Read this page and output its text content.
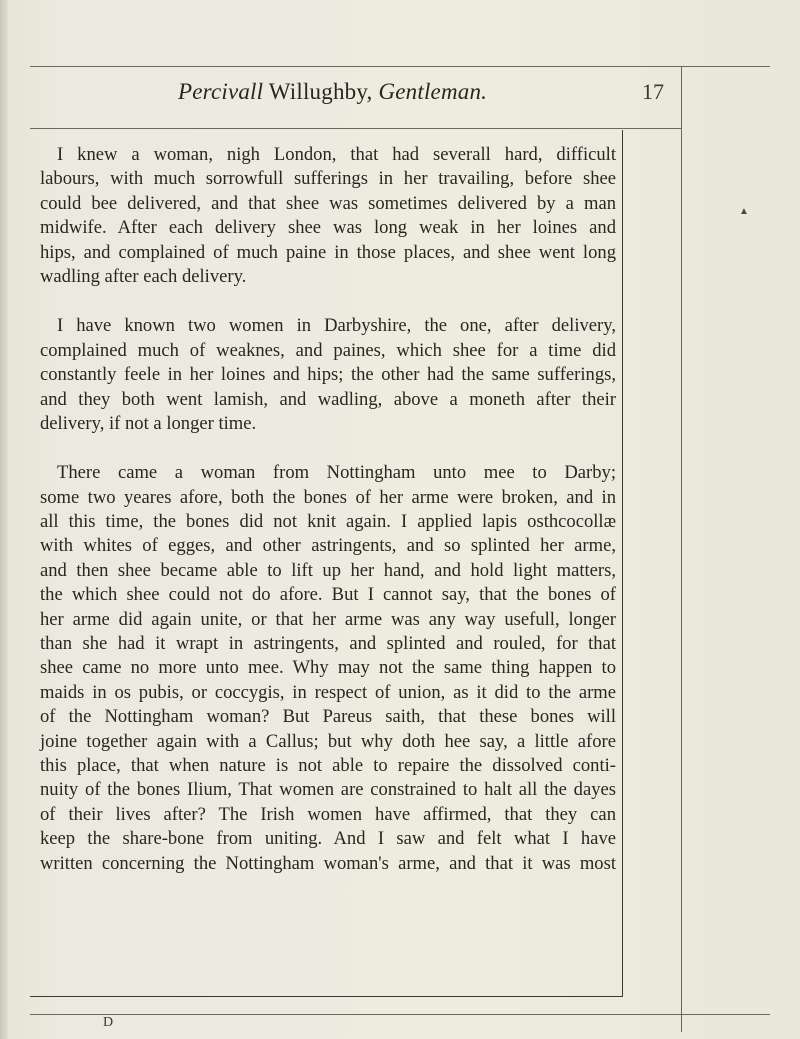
Percivall Willughby, Gentleman.	17
▲
I knew a woman, nigh London, that had severall hard, difficult
labours, with much sorrowfull sufferings in her travailing, before shee
could bee delivered, and that shee was sometimes delivered by a man
midwife. After each delivery shee was long weak in her loines and
hips, and complained of much paine in those places, and shee went long
wadling after each delivery.
I have known two women in Darbyshire, the one, after delivery,
complained much of weaknes, and paines, which shee for a time did
constantly feele in her loines and hips; the other had the same sufferings,
and they both went lamish, and wadling, above a moneth after their
delivery, if not a longer time.
There came a woman from Nottingham unto mee to Darby;
some two yeares afore, both the bones of her arme were broken, and in
all this time, the bones did not knit again. I applied lapis osthcocollæ
with whites of egges, and other astringents, and so splinted her arme,
and then shee became able to lift up her hand, and hold light matters,
the which shee could not do afore. But I cannot say, that the bones of
her arme did again unite, or that her arme was any way usefull, longer
than she had it wrapt in astringents, and splinted and rouled, for that
shee came no more unto mee. Why may not the same thing happen to
maids in os pubis, or coccygis, in respect of union, as it did to the arme
of the Nottingham woman? But Pareus saith, that these bones will
joine together again with a Callus; but why doth hee say, a little afore
this place, that when nature is not able to repaire the dissolved conti-
nuity of the bones Ilium, That women are constrained to halt all the dayes
of their lives after? The Irish women have affirmed, that they can
keep the share-bone from uniting. And I saw and felt what I have
written concerning the Nottingham woman's arme, and that it was most
D
